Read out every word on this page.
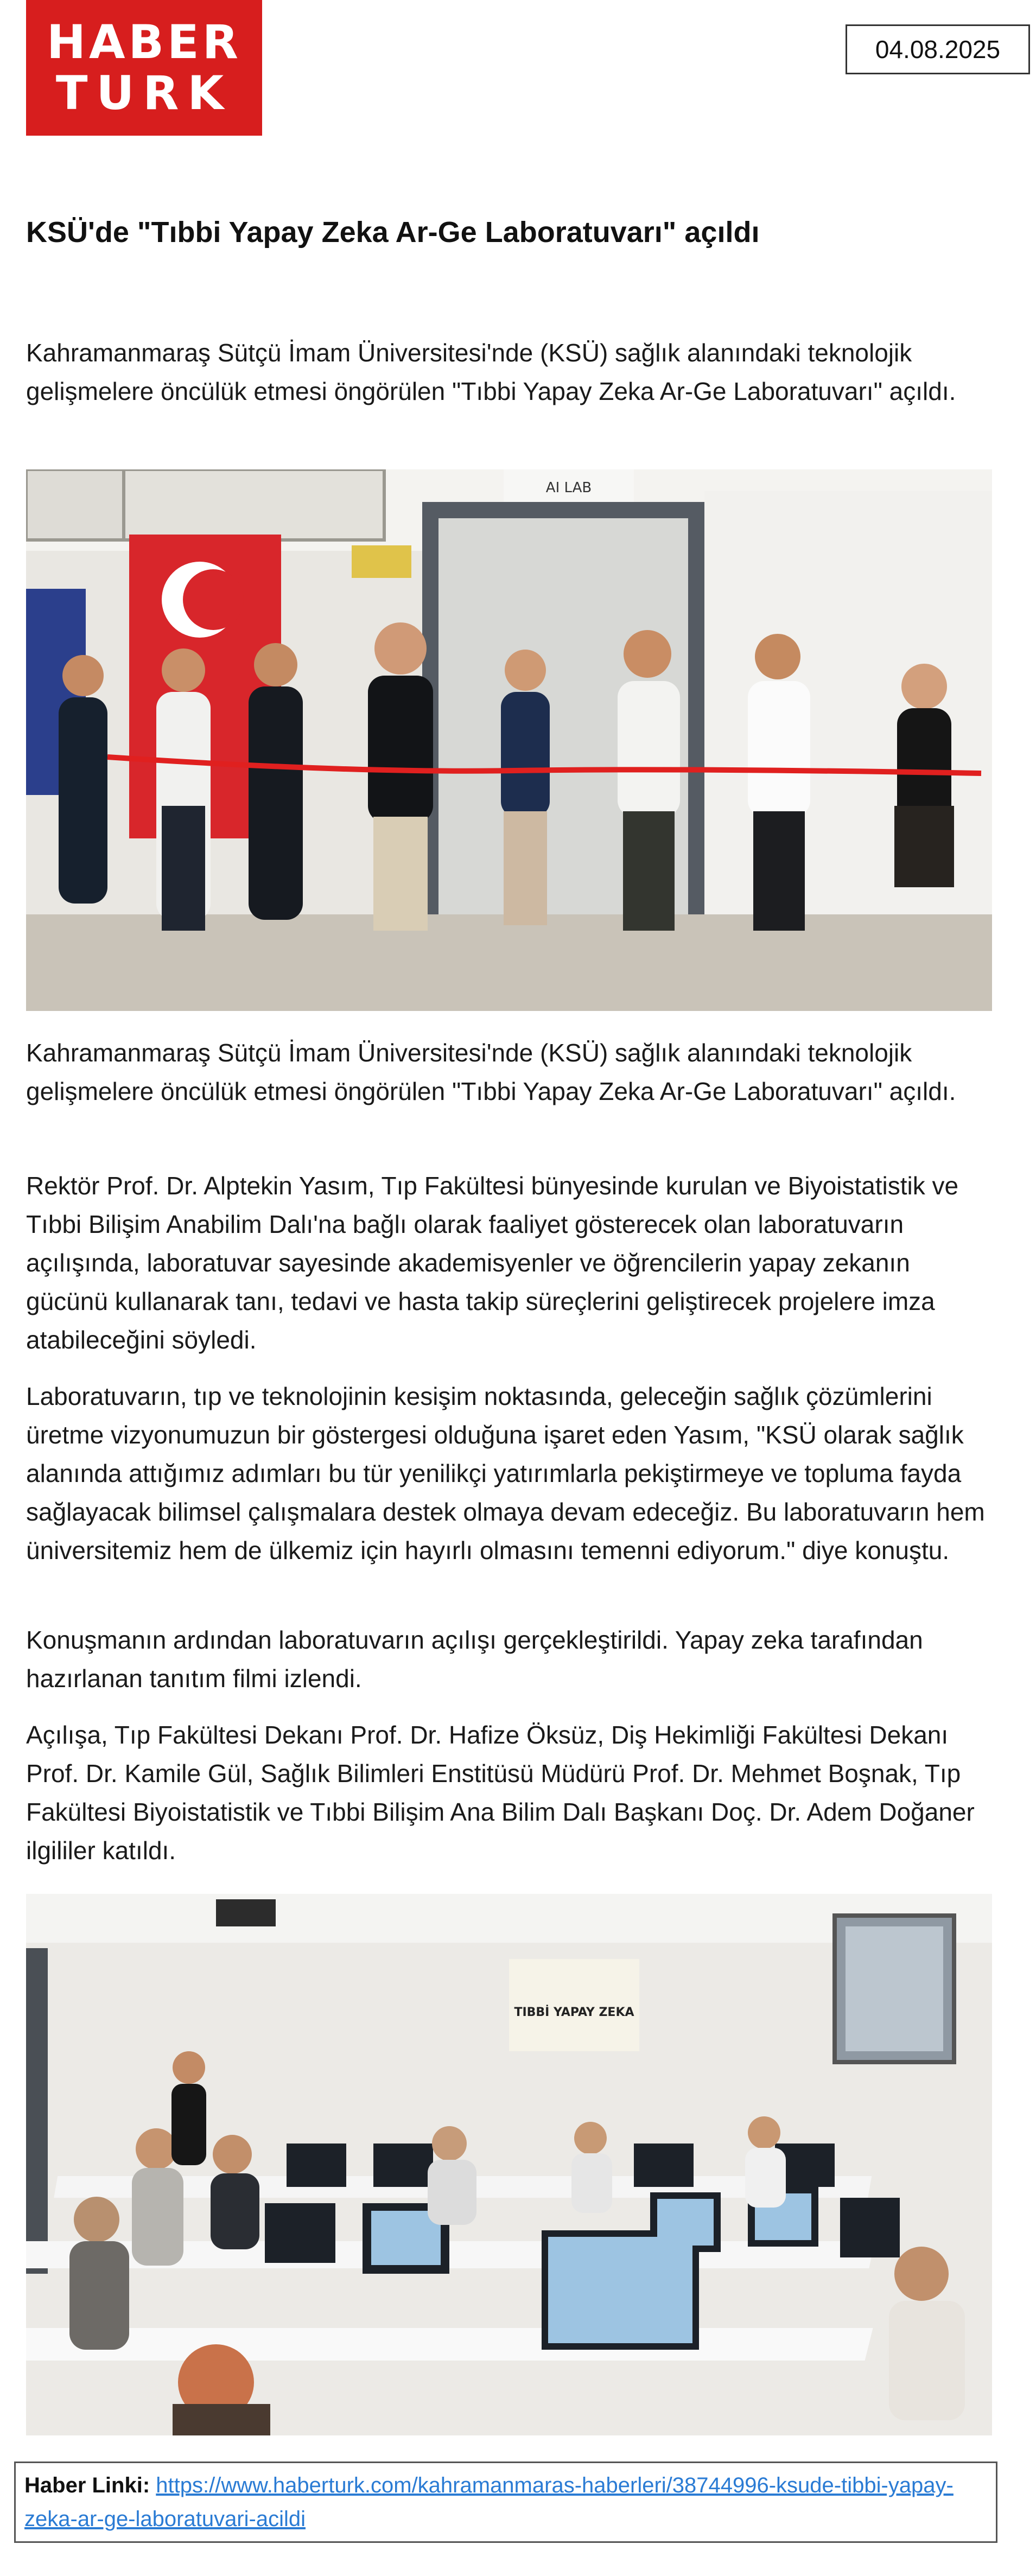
HABER
TURK
04.08.2025
KSÜ'de "Tıbbi Yapay Zeka Ar-Ge Laboratuvarı" açıldı

Kahramanmaraş Sütçü İmam Üniversitesi'nde (KSÜ) sağlık alanındaki teknolojik gelişmelere öncülük etmesi öngörülen "Tıbbi Yapay Zeka Ar-Ge Laboratuvarı" açıldı.

AI LAB

Kahramanmaraş Sütçü İmam Üniversitesi'nde (KSÜ) sağlık alanındaki teknolojik gelişmelere öncülük etmesi öngörülen "Tıbbi Yapay Zeka Ar-Ge Laboratuvarı" açıldı.

Rektör Prof. Dr. Alptekin Yasım, Tıp Fakültesi bünyesinde kurulan ve Biyoistatistik ve Tıbbi Bilişim Anabilim Dalı'na bağlı olarak faaliyet gösterecek olan laboratuvarın açılışında, laboratuvar sayesinde akademisyenler ve öğrencilerin yapay zekanın gücünü kullanarak tanı, tedavi ve hasta takip süreçlerini geliştirecek projelere imza atabileceğini söyledi.

Laboratuvarın, tıp ve teknolojinin kesişim noktasında, geleceğin sağlık çözümlerini üretme vizyonumuzun bir göstergesi olduğuna işaret eden Yasım, "KSÜ olarak sağlık alanında attığımız adımları bu tür yenilikçi yatırımlarla pekiştirmeye ve topluma fayda sağlayacak bilimsel çalışmalara destek olmaya devam edeceğiz. Bu laboratuvarın hem üniversitemiz hem de ülkemiz için hayırlı olmasını temenni ediyorum." diye konuştu.

Konuşmanın ardından laboratuvarın açılışı gerçekleştirildi. Yapay zeka tarafından hazırlanan tanıtım filmi izlendi.

Açılışa, Tıp Fakültesi Dekanı Prof. Dr. Hafize Öksüz, Diş Hekimliği Fakültesi Dekanı Prof. Dr. Kamile Gül, Sağlık Bilimleri Enstitüsü Müdürü Prof. Dr. Mehmet Boşnak, Tıp Fakültesi Biyoistatistik ve Tıbbi Bilişim Ana Bilim Dalı Başkanı Doç. Dr. Adem Doğaner ilgililer katıldı.

TIBBİ YAPAY ZEKA
Haber Linki: https://www.haberturk.com/kahramanmaras-haberleri/38744996-ksude-tibbi-yapay-zeka-ar-ge-laboratuvari-acildi
